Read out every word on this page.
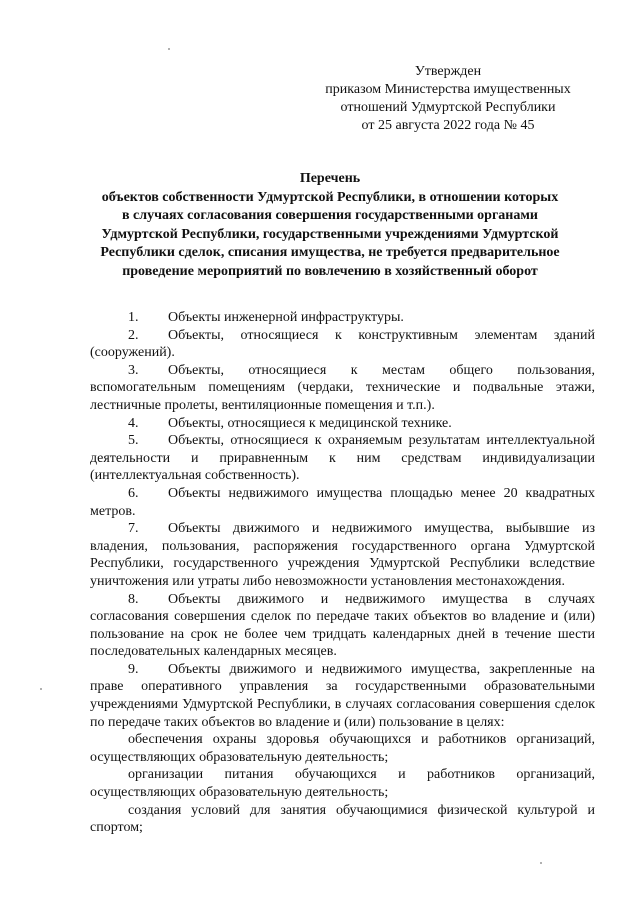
Утвержден
приказом Министерства имущественных
отношений Удмуртской Республики
от 25 августа 2022 года № 45
Перечень
объектов собственности Удмуртской Республики, в отношении которых
в случаях согласования совершения государственными органами
Удмуртской Республики, государственными учреждениями Удмуртской
Республики сделок, списания имущества, не требуется предварительное
проведение мероприятий по вовлечению в хозяйственный оборот

1. Объекты инженерной инфраструктуры.

2. Объекты, относящиеся к конструктивным элементам зданий (сооружений).

3. Объекты, относящиеся к местам общего пользования, вспомогательным помещениям (чердаки, технические и подвальные этажи, лестничные пролеты, вентиляционные помещения и т.п.).

4. Объекты, относящиеся к медицинской технике.

5. Объекты, относящиеся к охраняемым результатам интеллектуальной деятельности и приравненным к ним средствам индивидуализации (интеллектуальная собственность).

6. Объекты недвижимого имущества площадью менее 20 квадратных метров.

7. Объекты движимого и недвижимого имущества, выбывшие из владения, пользования, распоряжения государственного органа Удмуртской Республики, государственного учреждения Удмуртской Республики вследствие уничтожения или утраты либо невозможности установления местонахождения.

8. Объекты движимого и недвижимого имущества в случаях согласования совершения сделок по передаче таких объектов во владение и (или) пользование на срок не более чем тридцать календарных дней в течение шести последовательных календарных месяцев.

9. Объекты движимого и недвижимого имущества, закрепленные на праве оперативного управления за государственными образовательными учреждениями Удмуртской Республики, в случаях согласования совершения сделок по передаче таких объектов во владение и (или) пользование в целях:

обеспечения охраны здоровья обучающихся и работников организаций, осуществляющих образовательную деятельность;

организации питания обучающихся и работников организаций, осуществляющих образовательную деятельность;

создания условий для занятия обучающимися физической культурой и спортом;
